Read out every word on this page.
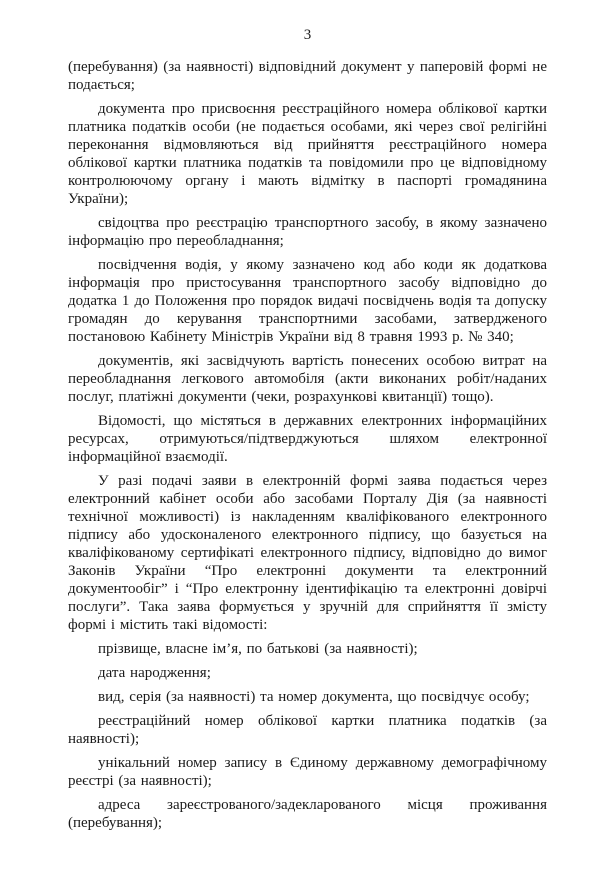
3

(перебування) (за наявності) відповідний документ у паперовій формі не подається;

документа про присвоєння реєстраційного номера облікової картки платника податків особи (не подається особами, які через свої релігійні переконання відмовляються від прийняття реєстраційного номера облікової картки платника податків та повідомили про це відповідному контролюючому органу і мають відмітку в паспорті громадянина України);

свідоцтва про реєстрацію транспортного засобу, в якому зазначено інформацію про переобладнання;

посвідчення водія, у якому зазначено код або коди як додаткова інформація про пристосування транспортного засобу відповідно до додатка 1 до Положення про порядок видачі посвідчень водія та допуску громадян до керування транспортними засобами, затвердженого постановою Кабінету Міністрів України від 8 травня 1993 р. № 340;

документів, які засвідчують вартість понесених особою витрат на переобладнання легкового автомобіля (акти виконаних робіт/наданих послуг, платіжні документи (чеки, розрахункові квитанції) тощо).

Відомості, що містяться в державних електронних інформаційних ресурсах, отримуються/підтверджуються шляхом електронної інформаційної взаємодії.

У разі подачі заяви в електронній формі заява подається через електронний кабінет особи або засобами Порталу Дія (за наявності технічної можливості) із накладенням кваліфікованого електронного підпису або удосконаленого електронного підпису, що базується на кваліфікованому сертифікаті електронного підпису, відповідно до вимог Законів України “Про електронні документи та електронний документообіг” і “Про електронну ідентифікацію та електронні довірчі послуги”. Така заява формується у зручній для сприйняття її змісту формі і містить такі відомості:

прізвище, власне ім’я, по батькові (за наявності);

дата народження;

вид, серія (за наявності) та номер документа, що посвідчує особу;

реєстраційний номер облікової картки платника податків (за наявності);

унікальний номер запису в Єдиному державному демографічному реєстрі (за наявності);

адреса зареєстрованого/задекларованого місця проживання (перебування);
